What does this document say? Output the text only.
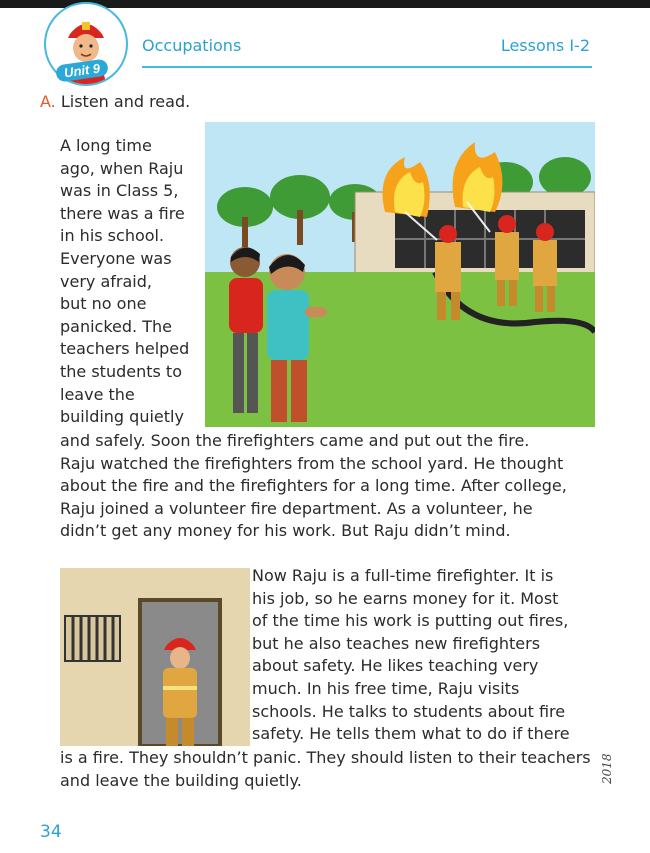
Unit 9
Occupations	Lessons I-2
A. Listen and read.
A long time
ago, when Raju
was in Class 5,
there was a fire
in his school.
Everyone was
very afraid,
but no one
panicked. The
teachers helped
the students to
leave the
building quietly
and safely. Soon the firefighters came and put out the fire.
Raju watched the firefighters from the school yard. He thought
about the fire and the firefighters for a long time. After college,
Raju joined a volunteer fire department. As a volunteer, he
didn’t get any money for his work. But Raju didn’t mind.
Now Raju is a full-time firefighter. It is
his job, so he earns money for it. Most
of the time his work is putting out fires,
but he also teaches new firefighters
about safety. He likes teaching very
much. In his free time, Raju visits
schools. He talks to students about fire
safety. He tells them what to do if there
is a fire. They shouldn’t panic. They should listen to their teachers
and leave the building quietly.
34
2018
